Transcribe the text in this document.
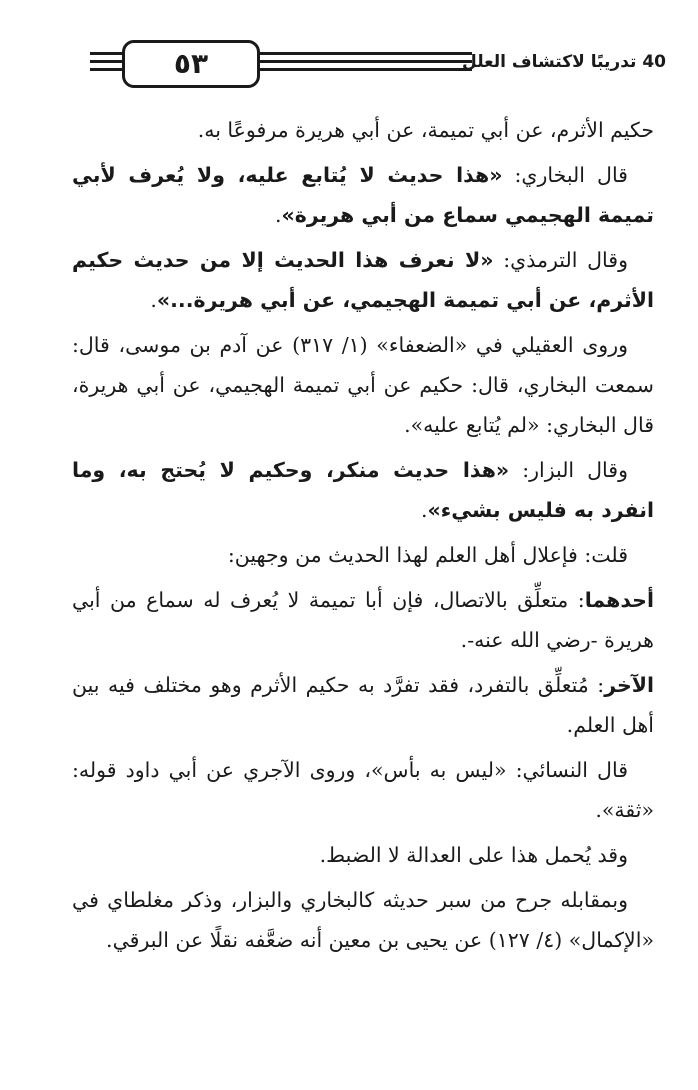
٥٣	40 تدريبًا لاكتشاف العلل

حكيم الأثرم، عن أبي تميمة، عن أبي هريرة مرفوعًا به.

قال البخاري: «هذا حديث لا يُتابع عليه، ولا يُعرف لأبي تميمة الهجيمي سماع من أبي هريرة».

وقال الترمذي: «لا نعرف هذا الحديث إلا من حديث حكيم الأثرم، عن أبي تميمة الهجيمي، عن أبي هريرة...».

وروى العقيلي في «الضعفاء» (١/ ٣١٧) عن آدم بن موسى، قال: سمعت البخاري، قال: حكيم عن أبي تميمة الهجيمي، عن أبي هريرة، قال البخاري: «لم يُتابع عليه».

وقال البزار: «هذا حديث منكر، وحكيم لا يُحتج به، وما انفرد به فليس بشيء».

قلت: فإعلال أهل العلم لهذا الحديث من وجهين:

أحدهما: متعلِّق بالاتصال، فإن أبا تميمة لا يُعرف له سماع من أبي هريرة -رضي الله عنه-.

الآخر: مُتعلِّق بالتفرد، فقد تفرَّد به حكيم الأثرم وهو مختلف فيه بين أهل العلم.

قال النسائي: «ليس به بأس»، وروى الآجري عن أبي داود قوله: «ثقة».

وقد يُحمل هذا على العدالة لا الضبط.

وبمقابله جرح من سبر حديثه كالبخاري والبزار، وذكر مغلطاي في «الإكمال» (٤/ ١٢٧) عن يحيى بن معين أنه ضعَّفه نقلًا عن البرقي.
